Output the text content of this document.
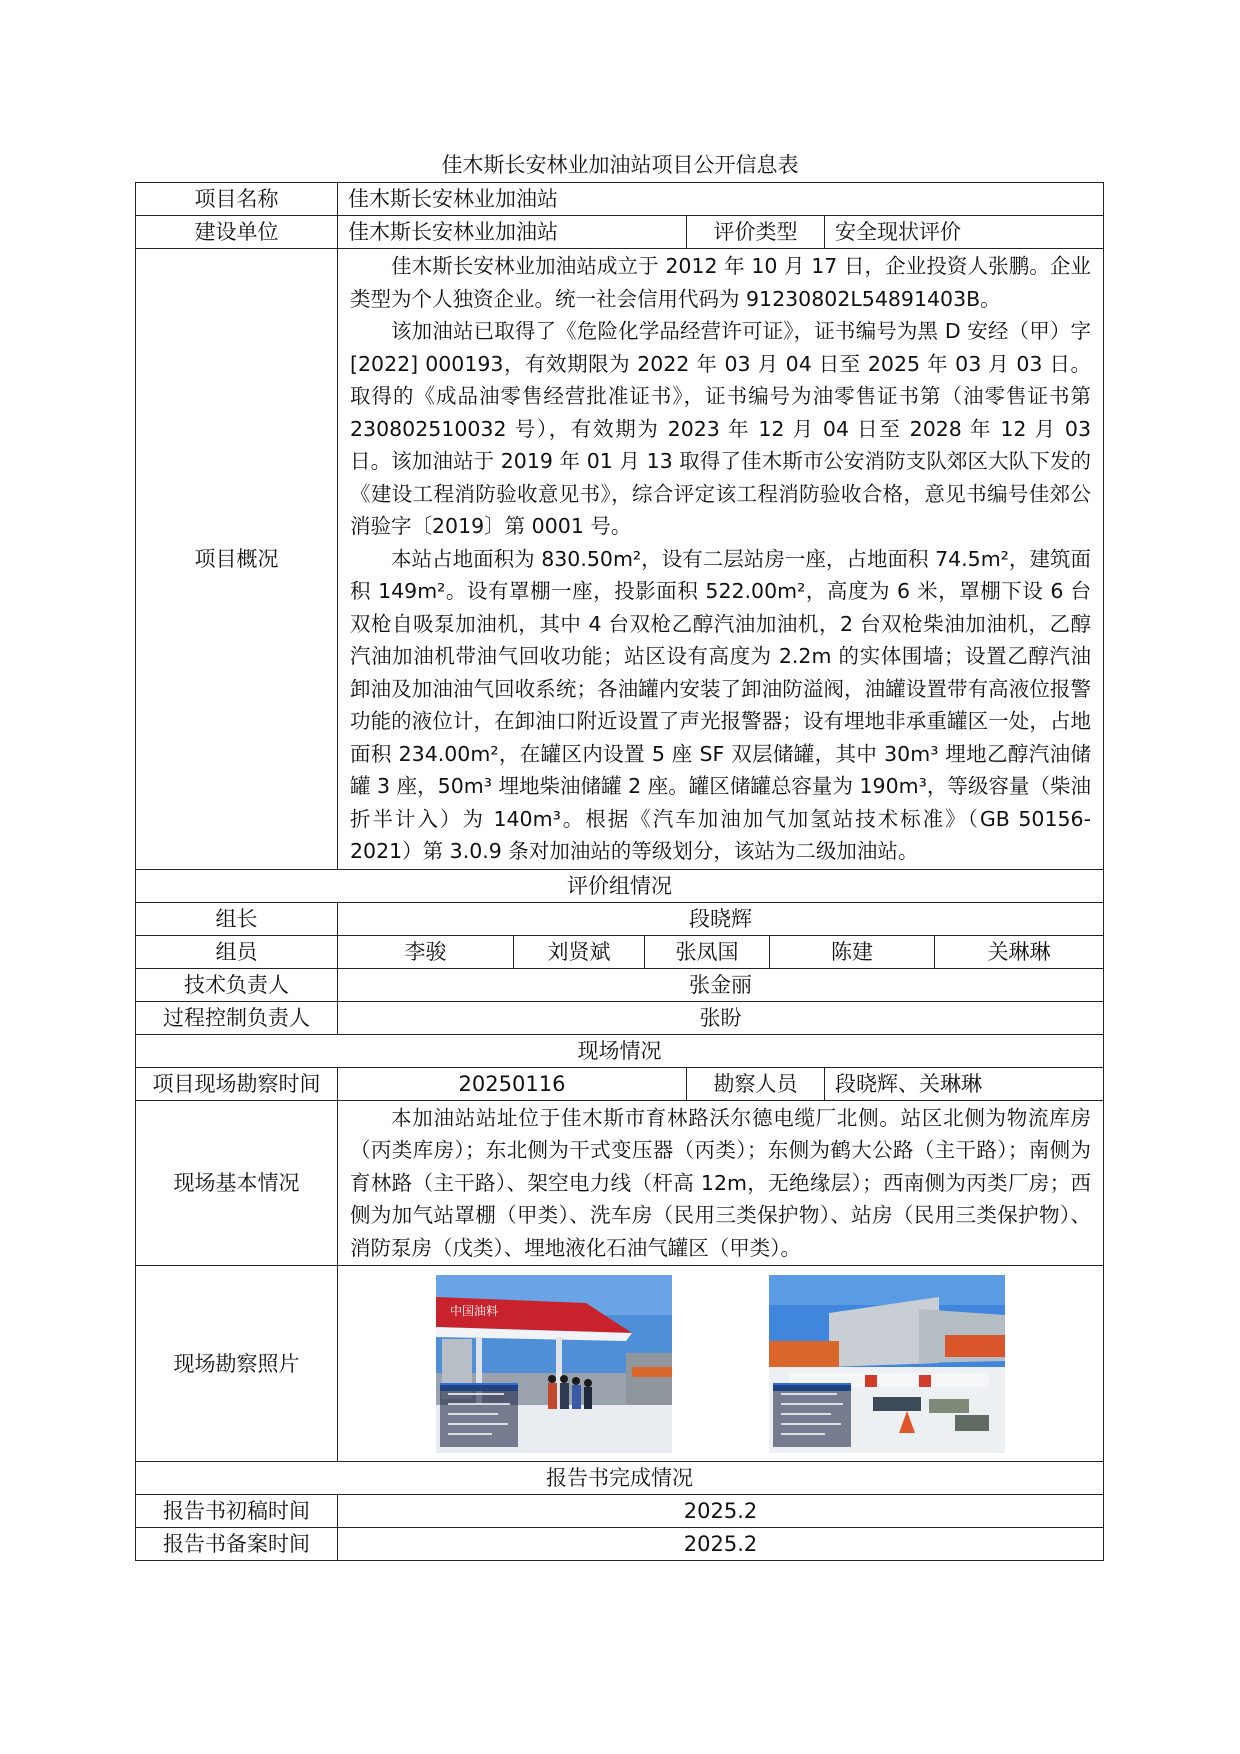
佳木斯长安林业加油站项目公开信息表
项目名称	佳木斯长安林业加油站						
建设单位	佳木斯长安林业加油站			评价类型		安全现状评价	
项目概况	佳木斯长安林业加油站成立于 2012 年 10 月 17 日，企业投资人张鹏。企业类型为个人独资企业。统一社会信用代码为 91230802L54891403B。

该加油站已取得了《危险化学品经营许可证》，证书编号为黑 D 安经（甲）字[2022] 000193，有效期限为 2022 年 03 月 04 日至 2025 年 03 月 03 日。取得的《成品油零售经营批准证书》，证书编号为油零售证书第（油零售证书第 230802510032 号），有效期为 2023 年 12 月 04 日至 2028 年 12 月 03 日。该加油站于 2019 年 01 月 13 取得了佳木斯市公安消防支队郊区大队下发的《建设工程消防验收意见书》，综合评定该工程消防验收合格，意见书编号佳郊公消验字〔2019〕第 0001 号。

本站占地面积为 830.50m²，设有二层站房一座，占地面积 74.5m²，建筑面积 149m²。设有罩棚一座，投影面积 522.00m²，高度为 6 米，罩棚下设 6 台双枪自吸泵加油机，其中 4 台双枪乙醇汽油加油机，2 台双枪柴油加油机，乙醇汽油加油机带油气回收功能；站区设有高度为 2.2m 的实体围墙；设置乙醇汽油卸油及加油油气回收系统；各油罐内安装了卸油防溢阀，油罐设置带有高液位报警功能的液位计，在卸油口附近设置了声光报警器；设有埋地非承重罐区一处，占地面积 234.00m²，在罐区内设置 5 座 SF 双层储罐，其中 30m³ 埋地乙醇汽油储罐 3 座，50m³ 埋地柴油储罐 2 座。罐区储罐总容量为 190m³，等级容量（柴油折半计入）为 140m³。根据《汽车加油加气加氢站技术标准》（GB 50156-2021）第 3.0.9 条对加油站的等级划分，该站为二级加油站。						

评价组情况							
组长	段晓辉						
组员	李骏	刘贤斌	张凤国		陈建		关琳琳
技术负责人	张金丽						
过程控制负责人	张盼						
现场情况							
项目现场勘察时间	20250116			勘察人员		段晓辉、关琳琳	
现场基本情况	本加油站站址位于佳木斯市育林路沃尔德电缆厂北侧。站区北侧为物流库房（丙类库房）；东北侧为干式变压器（丙类）；东侧为鹤大公路（主干路）；南侧为育林路（主干路）、架空电力线（杆高 12m，无绝缘层）；西南侧为丙类厂房；西侧为加气站罩棚（甲类）、洗车房（民用三类保护物）、站房（民用三类保护物）、消防泵房（戊类）、埋地液化石油气罐区（甲类）。						

现场勘察照片	中国油料						

报告书完成情况							
报告书初稿时间	2025.2						
报告书备案时间	2025.2						
